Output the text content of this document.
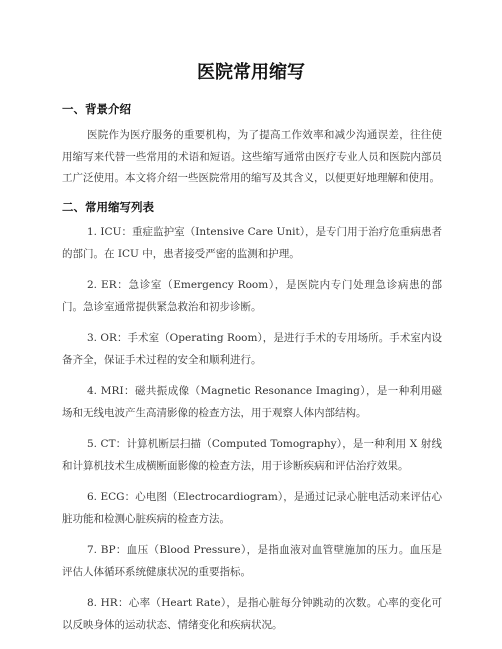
医院常用缩写
一、背景介绍
医院作为医疗服务的重要机构，为了提高工作效率和减少沟通误差，往往使用缩写来代替一些常用的术语和短语。这些缩写通常由医疗专业人员和医院内部员工广泛使用。本文将介绍一些医院常用的缩写及其含义，以便更好地理解和使用。
二、常用缩写列表
1. ICU：重症监护室（Intensive Care Unit），是专门用于治疗危重病患者的部门。在 ICU 中，患者接受严密的监测和护理。
2. ER：急诊室（Emergency Room），是医院内专门处理急诊病患的部门。急诊室通常提供紧急救治和初步诊断。
3. OR：手术室（Operating Room），是进行手术的专用场所。手术室内设备齐全，保证手术过程的安全和顺利进行。
4. MRI：磁共振成像（Magnetic Resonance Imaging），是一种利用磁场和无线电波产生高清影像的检查方法，用于观察人体内部结构。
5. CT：计算机断层扫描（Computed Tomography），是一种利用 X 射线和计算机技术生成横断面影像的检查方法，用于诊断疾病和评估治疗效果。
6. ECG：心电图（Electrocardiogram），是通过记录心脏电活动来评估心脏功能和检测心脏疾病的检查方法。
7. BP：血压（Blood Pressure），是指血液对血管壁施加的压力。血压是评估人体循环系统健康状况的重要指标。
8. HR：心率（Heart Rate），是指心脏每分钟跳动的次数。心率的变化可以反映身体的运动状态、情绪变化和疾病状况。
